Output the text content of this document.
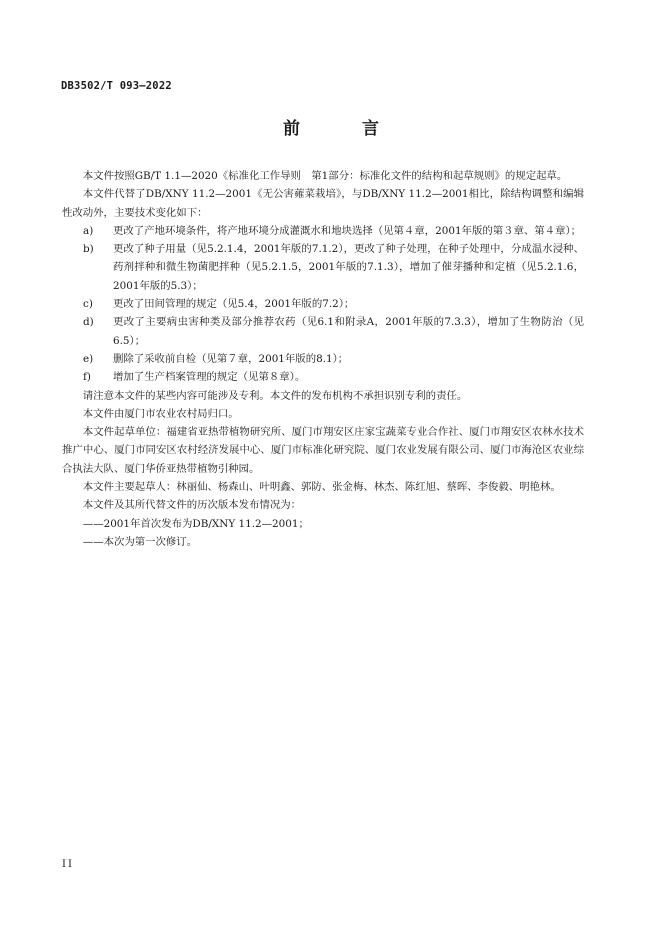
DB3502/T 093—2022
前 言

本文件按照GB/T 1.1—2020《标准化工作导则　第1部分：标准化文件的结构和起草规则》的规定起草。

本文件代替了DB/XNY 11.2—2001《无公害蕹菜栽培》，与DB/XNY 11.2—2001相比，除结构调整和编辑性改动外，主要技术变化如下：

a)	更改了产地环境条件，将产地环境分成灌溉水和地块选择（见第４章，2001年版的第３章、第４章）；
b)	更改了种子用量（见5.2.1.4，2001年版的7.1.2），更改了种子处理，在种子处理中，分成温水浸种、药剂拌种和微生物菌肥拌种（见5.2.1.5，2001年版的7.1.3），增加了催芽播种和定植（见5.2.1.6，2001年版的5.3）；
c)	更改了田间管理的规定（见5.4，2001年版的7.2）；
d)	更改了主要病虫害种类及部分推荐农药（见6.1和附录A，2001年版的7.3.3），增加了生物防治（见6.5）；
e)	删除了采收前自检（见第７章，2001年版的8.1）；
f)	增加了生产档案管理的规定（见第８章）。

请注意本文件的某些内容可能涉及专利。本文件的发布机构不承担识别专利的责任。

本文件由厦门市农业农村局归口。

本文件起草单位：福建省亚热带植物研究所、厦门市翔安区庄家宝蔬菜专业合作社、厦门市翔安区农林水技术推广中心、厦门市同安区农村经济发展中心、厦门市标准化研究院、厦门农业发展有限公司、厦门市海沧区农业综合执法大队、厦门华侨亚热带植物引种园。

本文件主要起草人：林丽仙、杨森山、叶明鑫、郭防、张金梅、林杰、陈红旭、蔡晖、李俊毅、明艳林。

本文件及其所代替文件的历次版本发布情况为：

——2001年首次发布为DB/XNY 11.2—2001；

——本次为第一次修订。

II
